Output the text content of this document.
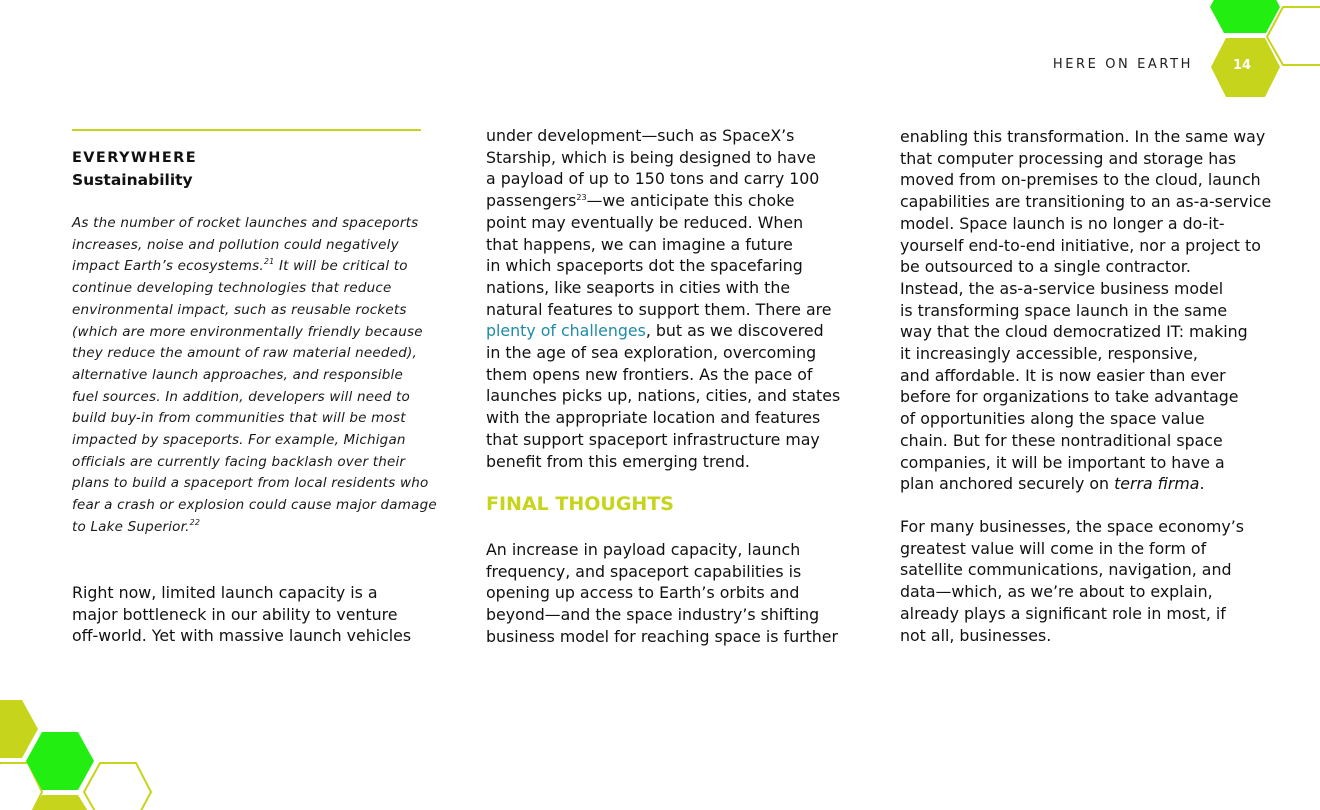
HERE ON EARTH	14
EVERYWHERE
Sustainability
As the number of rocket launches and spaceports
increases, noise and pollution could negatively
impact Earth’s ecosystems.$^{21}$ It will be critical to
continue developing technologies that reduce
environmental impact, such as reusable rockets
(which are more environmentally friendly because
they reduce the amount of raw material needed),
alternative launch approaches, and responsible
fuel sources. In addition, developers will need to
build buy-in from communities that will be most
impacted by spaceports. For example, Michigan
officials are currently facing backlash over their
plans to build a spaceport from local residents who
fear a crash or explosion could cause major damage
to Lake Superior.$^{22}$
Right now, limited launch capacity is a
major bottleneck in our ability to venture
off-world. Yet with massive launch vehicles
under development—such as SpaceX’s
Starship, which is being designed to have
a payload of up to 150 tons and carry 100
passengers$^{23}$—we anticipate this choke
point may eventually be reduced. When
that happens, we can imagine a future
in which spaceports dot the spacefaring
nations, like seaports in cities with the
natural features to support them. There are
plenty of challenges, but as we discovered
in the age of sea exploration, overcoming
them opens new frontiers. As the pace of
launches picks up, nations, cities, and states
with the appropriate location and features
that support spaceport infrastructure may
benefit from this emerging trend.
FINAL THOUGHTS
An increase in payload capacity, launch
frequency, and spaceport capabilities is
opening up access to Earth’s orbits and
beyond—and the space industry’s shifting
business model for reaching space is further
enabling this transformation. In the same way
that computer processing and storage has
moved from on-premises to the cloud, launch
capabilities are transitioning to an as-a-service
model. Space launch is no longer a do-it-
yourself end-to-end initiative, nor a project to
be outsourced to a single contractor.
Instead, the as-a-service business model
is transforming space launch in the same
way that the cloud democratized IT: making
it increasingly accessible, responsive,
and affordable. It is now easier than ever
before for organizations to take advantage
of opportunities along the space value
chain. But for these nontraditional space
companies, it will be important to have a
plan anchored securely on terra firma.
For many businesses, the space economy’s
greatest value will come in the form of
satellite communications, navigation, and
data—which, as we’re about to explain,
already plays a significant role in most, if
not all, businesses.
